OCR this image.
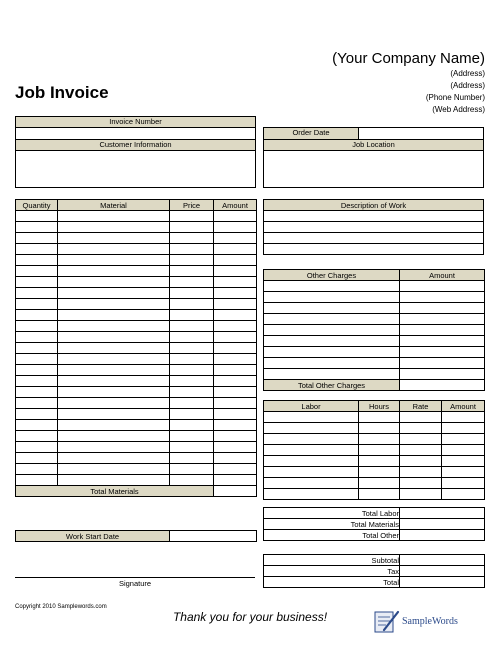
(Your Company Name)
(Address)
(Address)
(Phone Number)
(Web Address)
Job Invoice
Invoice Number
Customer Information
Order Date
Job Location
Quantity	Material	Price	Amount

Total Materials			
Work Start Date	
Description of Work

Other Charges	Amount

Total Other Charges	
Labor	Hours	Rate	Amount

Total Labor	
Total Materials	
Total Other	
Subtotal	
Tax	
Total	
Signature
Copyright 2010 Samplewords.com
Thank you for your business!	SampleWords
